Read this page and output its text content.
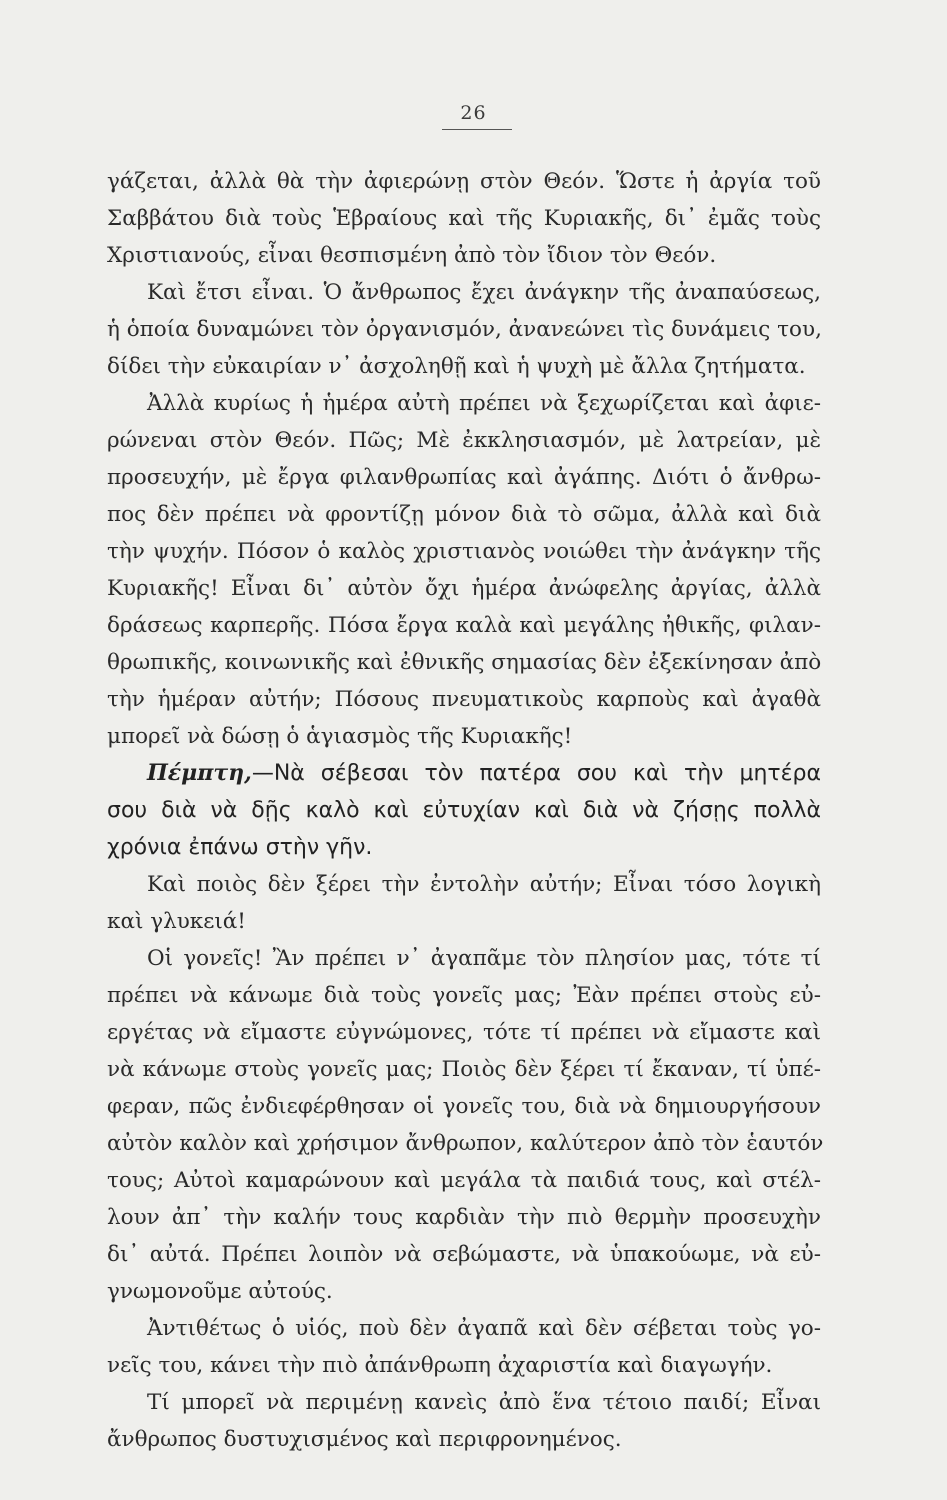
26
γάζεται, ἀλλὰ θὰ τὴν ἀφιερώνῃ στὸν Θεόν. Ὥστε ἡ ἀργία τοῦ
Σαββάτου διὰ τοὺς Ἑβραίους καὶ τῆς Κυριακῆς, δι᾽ ἐμᾶς τοὺς
Χριστιανούς, εἶναι θεσπισμένη ἀπὸ τὸν ἴδιον τὸν Θεόν.
Καὶ ἔτσι εἶναι. Ὁ ἄνθρωπος ἔχει ἀνάγκην τῆς ἀναπαύσεως,
ἡ ὁποία δυναμώνει τὸν ὀργανισμόν, ἀνανεώνει τὶς δυνάμεις του,
δίδει τὴν εὐκαιρίαν ν᾽ ἀσχοληθῇ καὶ ἡ ψυχὴ μὲ ἄλλα ζητήματα.
Ἀλλὰ κυρίως ἡ ἡμέρα αὐτὴ πρέπει νὰ ξεχωρίζεται καὶ ἀφιε-
ρώνεναι στὸν Θεόν. Πῶς; Μὲ ἐκκλησιασμόν, μὲ λατρείαν, μὲ
προσευχήν, μὲ ἔργα φιλανθρωπίας καὶ ἀγάπης. Διότι ὁ ἄνθρω-
πος δὲν πρέπει νὰ φροντίζῃ μόνον διὰ τὸ σῶμα, ἀλλὰ καὶ διὰ
τὴν ψυχήν. Πόσον ὁ καλὸς χριστιανὸς νοιώθει τὴν ἀνάγκην τῆς
Κυριακῆς! Εἶναι δι᾽ αὐτὸν ὄχι ἡμέρα ἀνώφελης ἀργίας, ἀλλὰ
δράσεως καρπερῆς. Πόσα ἔργα καλὰ καὶ μεγάλης ἠθικῆς, φιλαν-
θρωπικῆς, κοινωνικῆς καὶ ἐθνικῆς σημασίας δὲν ἐξεκίνησαν ἀπὸ
τὴν ἡμέραν αὐτήν; Πόσους πνευματικοὺς καρποὺς καὶ ἀγαθὰ
μπορεῖ νὰ δώσῃ ὁ ἁγιασμὸς τῆς Κυριακῆς!
Πέμπτη,—Νὰ σέβεσαι τὸν πατέρα σου καὶ τὴν μητέρα
σου διὰ νὰ δῇς καλὸ καὶ εὐτυχίαν καὶ διὰ νὰ ζήσῃς πολλὰ
χρόνια ἐπάνω στὴν γῆν.
Καὶ ποιὸς δὲν ξέρει τὴν ἐντολὴν αὐτήν; Εἶναι τόσο λογικὴ
καὶ γλυκειά!
Οἱ γονεῖς! Ἂν πρέπει ν᾽ ἀγαπᾶμε τὸν πλησίον μας, τότε τί
πρέπει νὰ κάνωμε διὰ τοὺς γονεῖς μας; Ἐὰν πρέπει στοὺς εὐ-
εργέτας νὰ εἴμαστε εὐγνώμονες, τότε τί πρέπει νὰ εἴμαστε καὶ
νὰ κάνωμε στοὺς γονεῖς μας; Ποιὸς δὲν ξέρει τί ἔκαναν, τί ὑπέ-
φεραν, πῶς ἐνδιεφέρθησαν οἱ γονεῖς του, διὰ νὰ δημιουργήσουν
αὐτὸν καλὸν καὶ χρήσιμον ἄνθρωπον, καλύτερον ἀπὸ τὸν ἑαυτόν
τους; Αὐτοὶ καμαρώνουν καὶ μεγάλα τὰ παιδιά τους, καὶ στέλ-
λουν ἀπ᾽ τὴν καλήν τους καρδιὰν τὴν πιὸ θερμὴν προσευχὴν
δι᾽ αὐτά. Πρέπει λοιπὸν νὰ σεβώμαστε, νὰ ὑπακούωμε, νὰ εὐ-
γνωμονοῦμε αὐτούς.
Ἀντιθέτως ὁ υἱός, ποὺ δὲν ἀγαπᾶ καὶ δὲν σέβεται τοὺς γο-
νεῖς του, κάνει τὴν πιὸ ἀπάνθρωπη ἀχαριστία καὶ διαγωγήν.
Τί μπορεῖ νὰ περιμένῃ κανεὶς ἀπὸ ἕνα τέτοιο παιδί; Εἶναι
ἄνθρωπος δυστυχισμένος καὶ περιφρονημένος.
